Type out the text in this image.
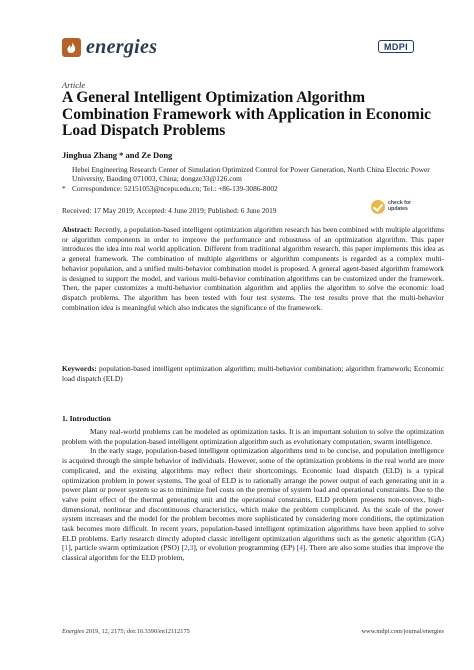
energies	MDPI
Article
A General Intelligent Optimization Algorithm Combination Framework with Application in Economic Load Dispatch Problems
Jinghua Zhang * and Ze Dong
Hebei Engineering Research Center of Simulation Optimized Control for Power Generation, North China Electric Power University, Baoding 071003, China; dongze33@126.com
* Correspondence: 52151053@ncepu.edu.cn; Tel.: +86-139-3086-8002
check for
updates
Received: 17 May 2019; Accepted: 4 June 2019; Published: 6 June 2019
Abstract: Recently, a population-based intelligent optimization algorithm research has been combined with multiple algorithms or algorithm components in order to improve the performance and robustness of an optimization algorithm. This paper introduces the idea into real world application. Different from traditional algorithm research, this paper implements this idea as a general framework. The combination of multiple algorithms or algorithm components is regarded as a complex multi-behavior population, and a unified multi-behavior combination model is proposed. A general agent-based algorithm framework is designed to support the model, and various multi-behavior combination algorithms can be customized under the framework. Then, the paper customizes a multi-behavior combination algorithm and applies the algorithm to solve the economic load dispatch problems. The algorithm has been tested with four test systems. The test results prove that the multi-behavior combination idea is meaningful which also indicates the significance of the framework.
Keywords: population-based intelligent optimization algorithm; multi-behavior combination; algorithm framework; Economic load dispatch (ELD)
1. Introduction

Many real-world problems can be modeled as optimization tasks. It is an important solution to solve the optimization problem with the population-based intelligent optimization algorithm such as evolutionary computation, swarm intelligence.

In the early stage, population-based intelligent optimization algorithms tend to be concise, and population intelligence is acquired through the simple behavior of individuals. However, some of the optimization problems in the real world are more complicated, and the existing algorithms may reflect their shortcomings. Economic load dispatch (ELD) is a typical optimization problem in power systems. The goal of ELD is to rationally arrange the power output of each generating unit in a power plant or power system so as to minimize fuel costs on the premise of system load and operational constraints. Due to the valve point effect of the thermal generating unit and the operational constraints, ELD problem presents non-convex, high-dimensional, nonlinear and discontinuous characteristics, which make the problem complicated. As the scale of the power system increases and the model for the problem becomes more sophisticated by considering more conditions, the optimization task becomes more difficult. In recent years, population-based intelligent optimization algorithms have been applied to solve ELD problems. Early research directly adopted classic intelligent optimization algorithms such as the genetic algorithm (GA) [1], particle swarm optimization (PSO) [2,3], or evolution programming (EP) [4]. There are also some studies that improve the classical algorithm for the ELD problem,

Energies 2019, 12, 2175; doi:10.3390/en12112175	www.mdpi.com/journal/energies
